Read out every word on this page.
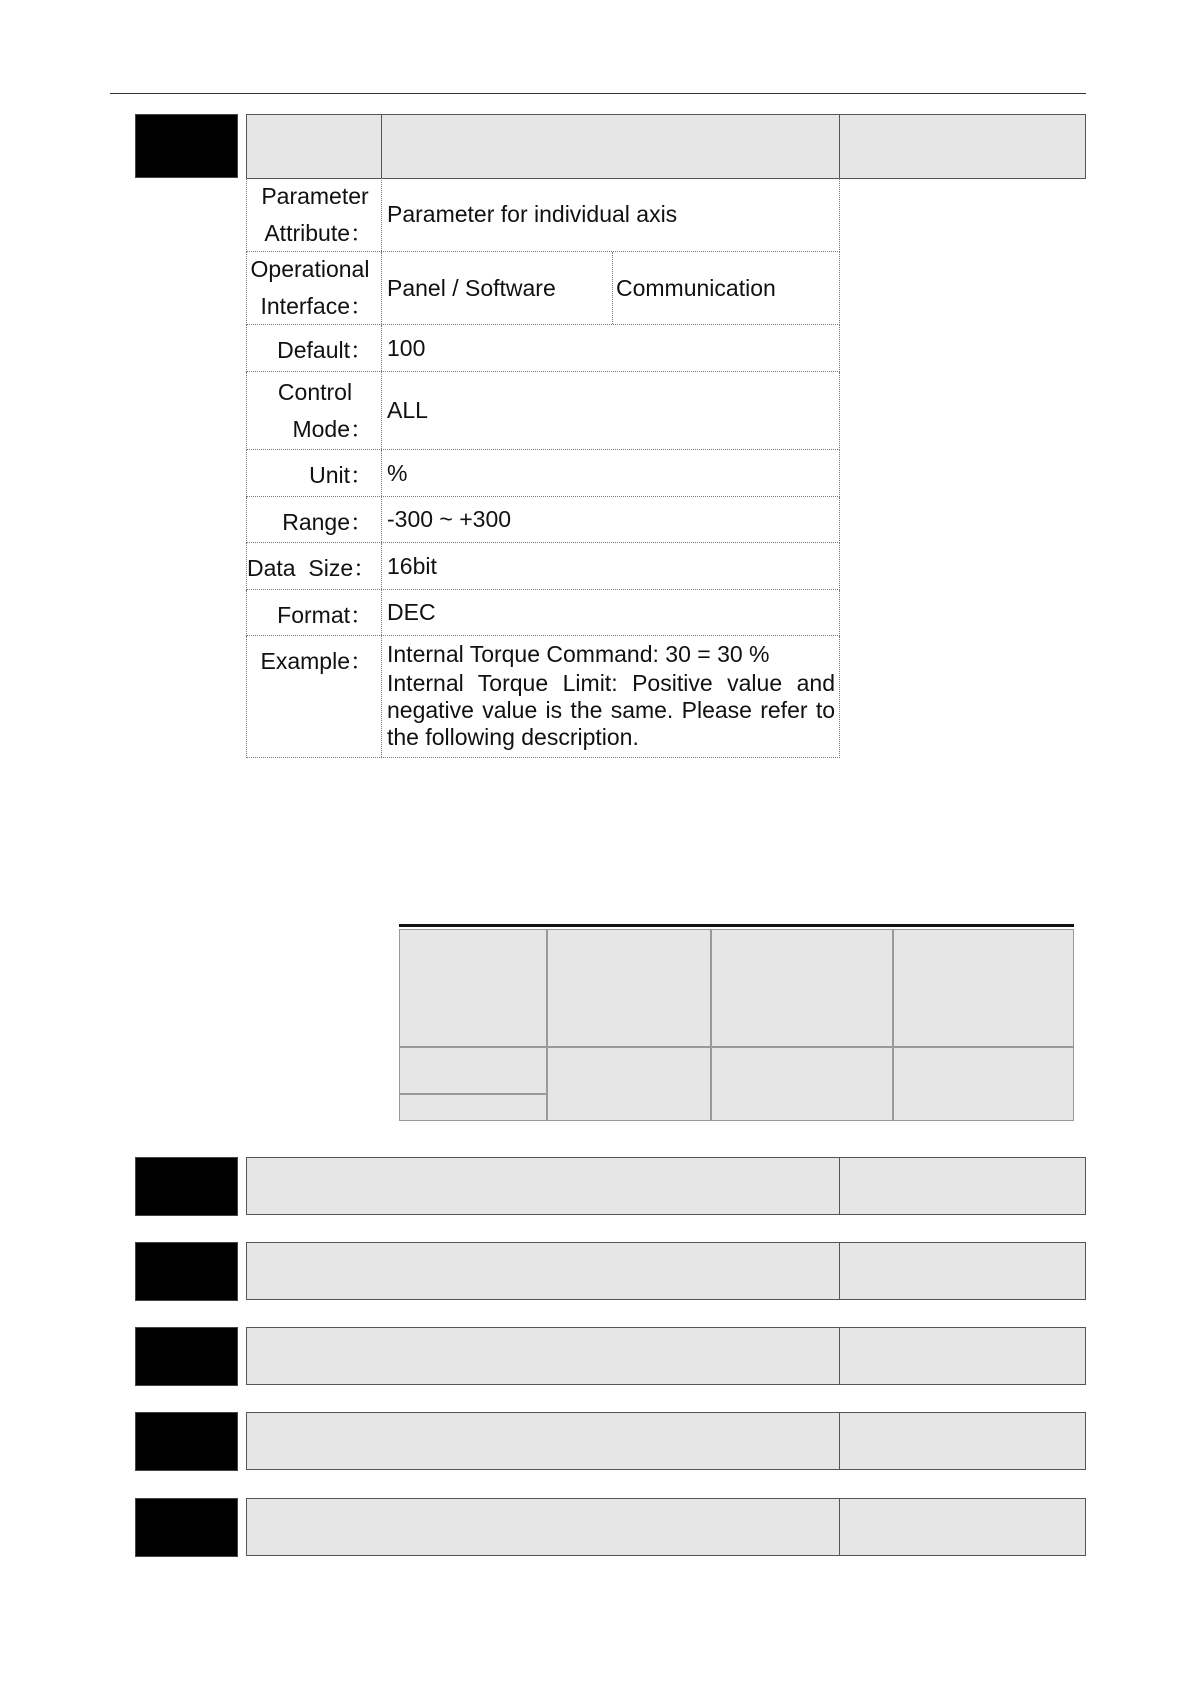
Parameter
Attribute：
Parameter for individual axis
Operational
Interface：
Panel / Software	Communication
Default： 100
Control
Mode：
ALL
Unit： %
Range： -300 ~ +300
Data  Size： 16bit
Format： DEC
Example： Internal Torque Command: 30 = 30 %

Internal Torque Limit: Positive value and negative value is the same. Please refer to the following description.
